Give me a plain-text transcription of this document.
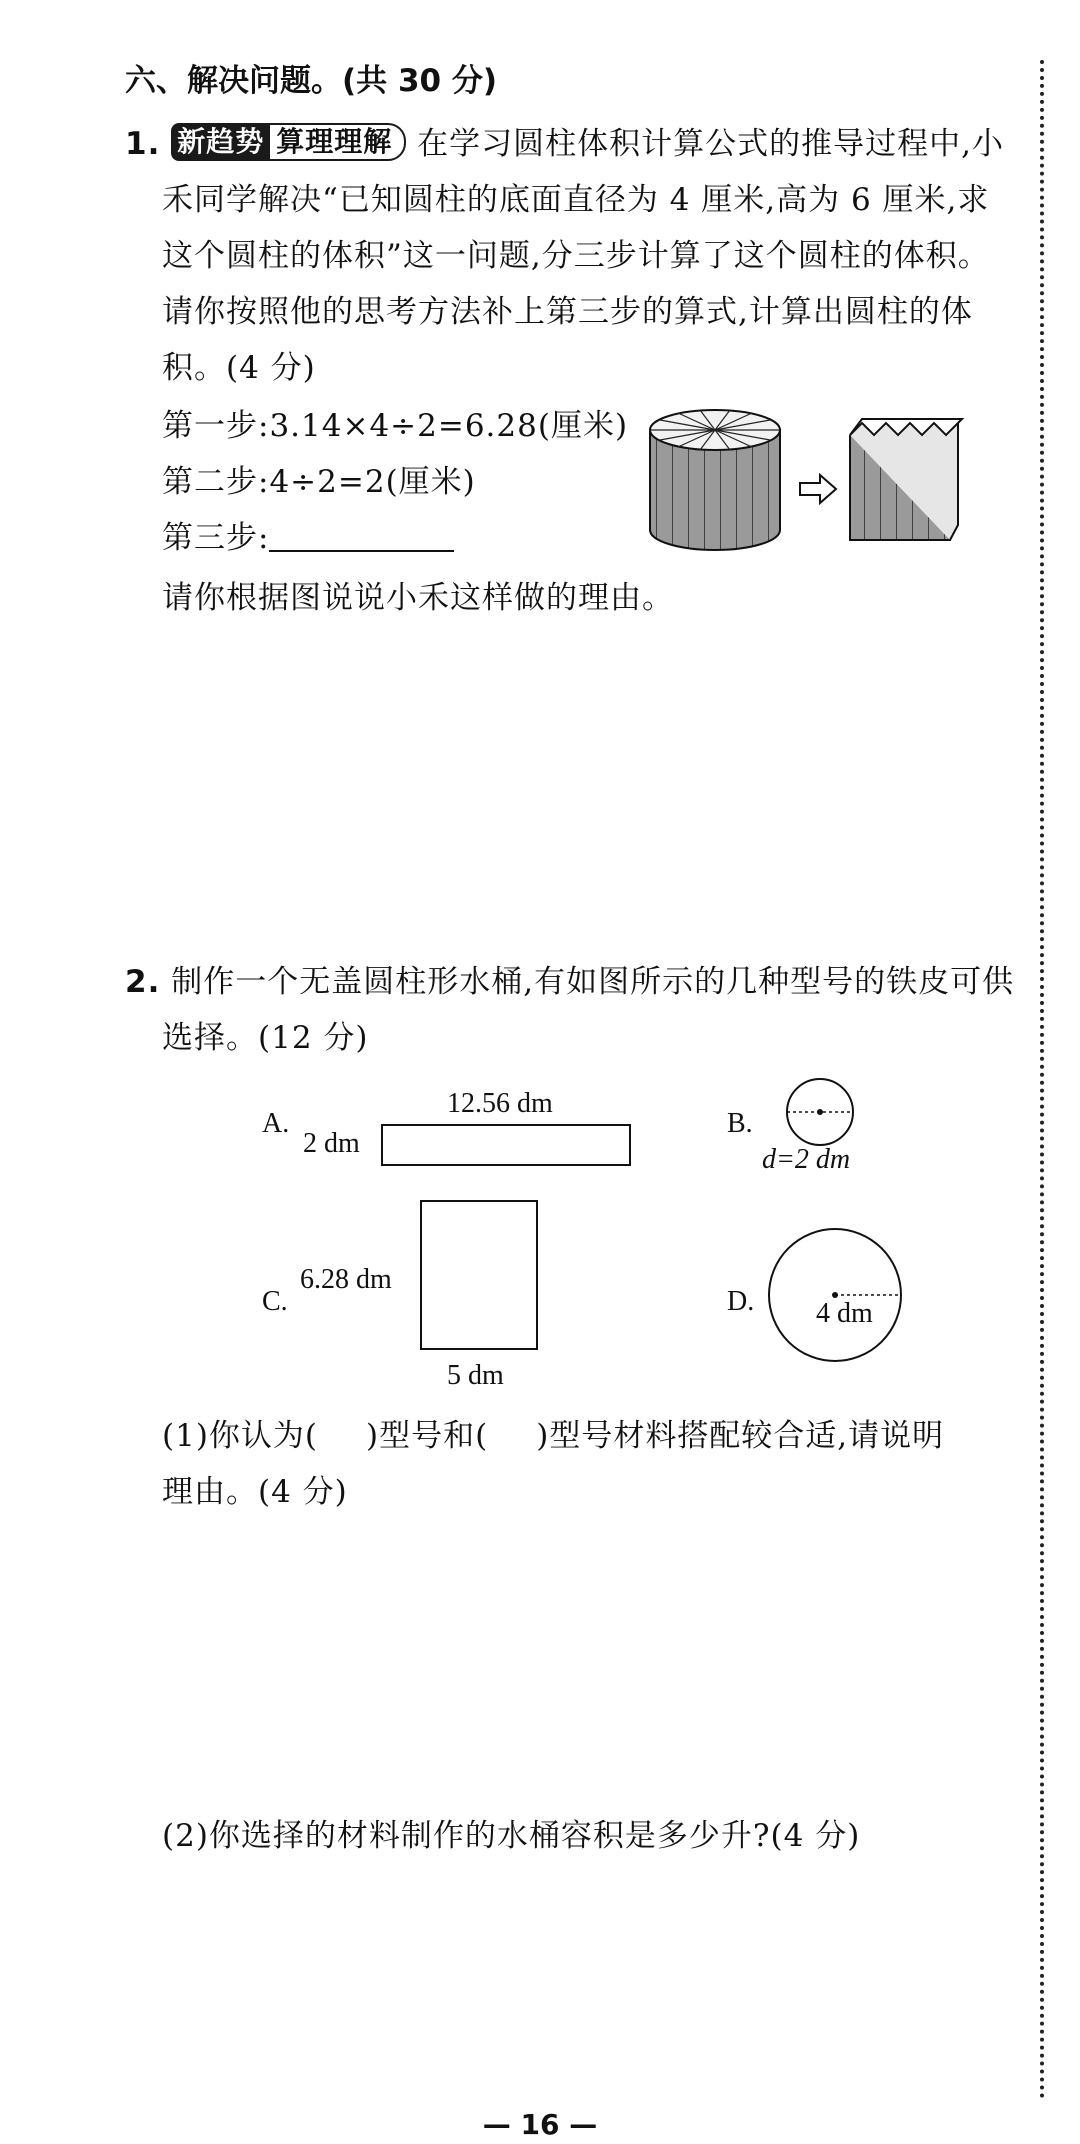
六、解决问题。(共 30 分)
1. 新趋势 算理理解 在学习圆柱体积计算公式的推导过程中,小
禾同学解决“已知圆柱的底面直径为 4 厘米,高为 6 厘米,求
这个圆柱的体积”这一问题,分三步计算了这个圆柱的体积。
请你按照他的思考方法补上第三步的算式,计算出圆柱的体
积。(4 分)
第一步:3.14×4÷2=6.28(厘米)
第二步:4÷2=2(厘米)
第三步:
请你根据图说说小禾这样做的理由。
2. 制作一个无盖圆柱形水桶,有如图所示的几种型号的铁皮可供
选择。(12 分)
A.
12.56 dm
2 dm
B.
d=2 dm
C.
6.28 dm
5 dm
D. 4 dm
(1)你认为( )型号和( )型号材料搭配较合适,请说明
理由。(4 分)
(2)你选择的材料制作的水桶容积是多少升?(4 分)
— 16 —
